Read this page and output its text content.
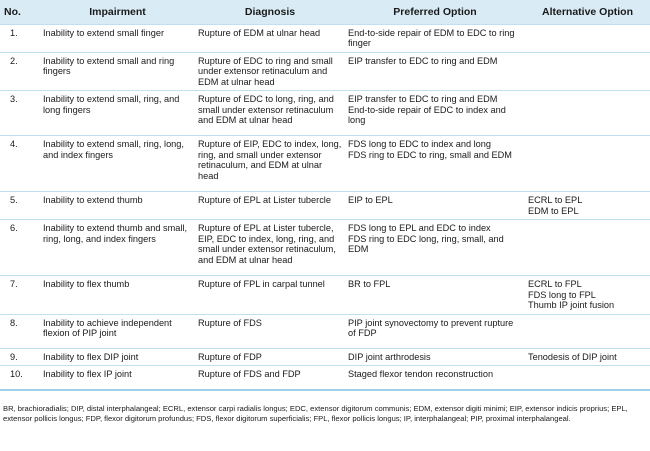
No.	Impairment	Diagnosis	Preferred Option	Alternative Option
1.	Inability to extend small finger	Rupture of EDM at ulnar head	End-to-side repair of EDM to EDC to ring finger	

2.	Inability to extend small and ring fingers	Rupture of EDC to ring and small under extensor retinaculum and EDM at ulnar head	EIP transfer to EDC to ring and EDM	

3.	Inability to extend small, ring, and long fingers	Rupture of EDC to long, ring, and small under extensor retinaculum and EDM at ulnar head	EIP transfer to EDC to ring and EDM
End-to-side repair of EDC to index and long	

4.	Inability to extend small, ring, long, and index fingers	Rupture of EIP, EDC to index, long, ring, and small under extensor retinaculum, and EDM at ulnar head	FDS long to EDC to index and long
FDS ring to EDC to ring, small and EDM	

5.	Inability to extend thumb	Rupture of EPL at Lister tubercle	EIP to EPL	ECRL to EPL
EDM to EPL

6.	Inability to extend thumb and small, ring, long, and index fingers	Rupture of EPL at Lister tubercle, EIP, EDC to index, long, ring, and small under extensor retinaculum, and EDM at ulnar head	FDS long to EPL and EDC to index
FDS ring to EDC long, ring, small, and EDM	

7.	Inability to flex thumb	Rupture of FPL in carpal tunnel	BR to FPL	ECRL to FPL
FDS long to FPL
Thumb IP joint fusion

8.	Inability to achieve independent flexion of PIP joint	Rupture of FDS	PIP joint synovectomy to prevent rupture of FDP	

9.	Inability to flex DIP joint	Rupture of FDP	DIP joint arthrodesis	Tenodesis of DIP joint

10.	Inability to flex IP joint	Rupture of FDS and FDP	Staged flexor tendon reconstruction	

BR, brachioradialis; DIP, distal interphalangeal; ECRL, extensor carpi radialis longus; EDC, extensor digitorum communis; EDM, extensor digiti minimi; EIP, extensor indicis proprius; EPL, extensor pollicis longus; FDP, flexor digitorum profundus; FDS, flexor digitorum superficialis; FPL, flexor pollicis longus; IP, interphalangeal; PIP, proximal interphalangeal.
